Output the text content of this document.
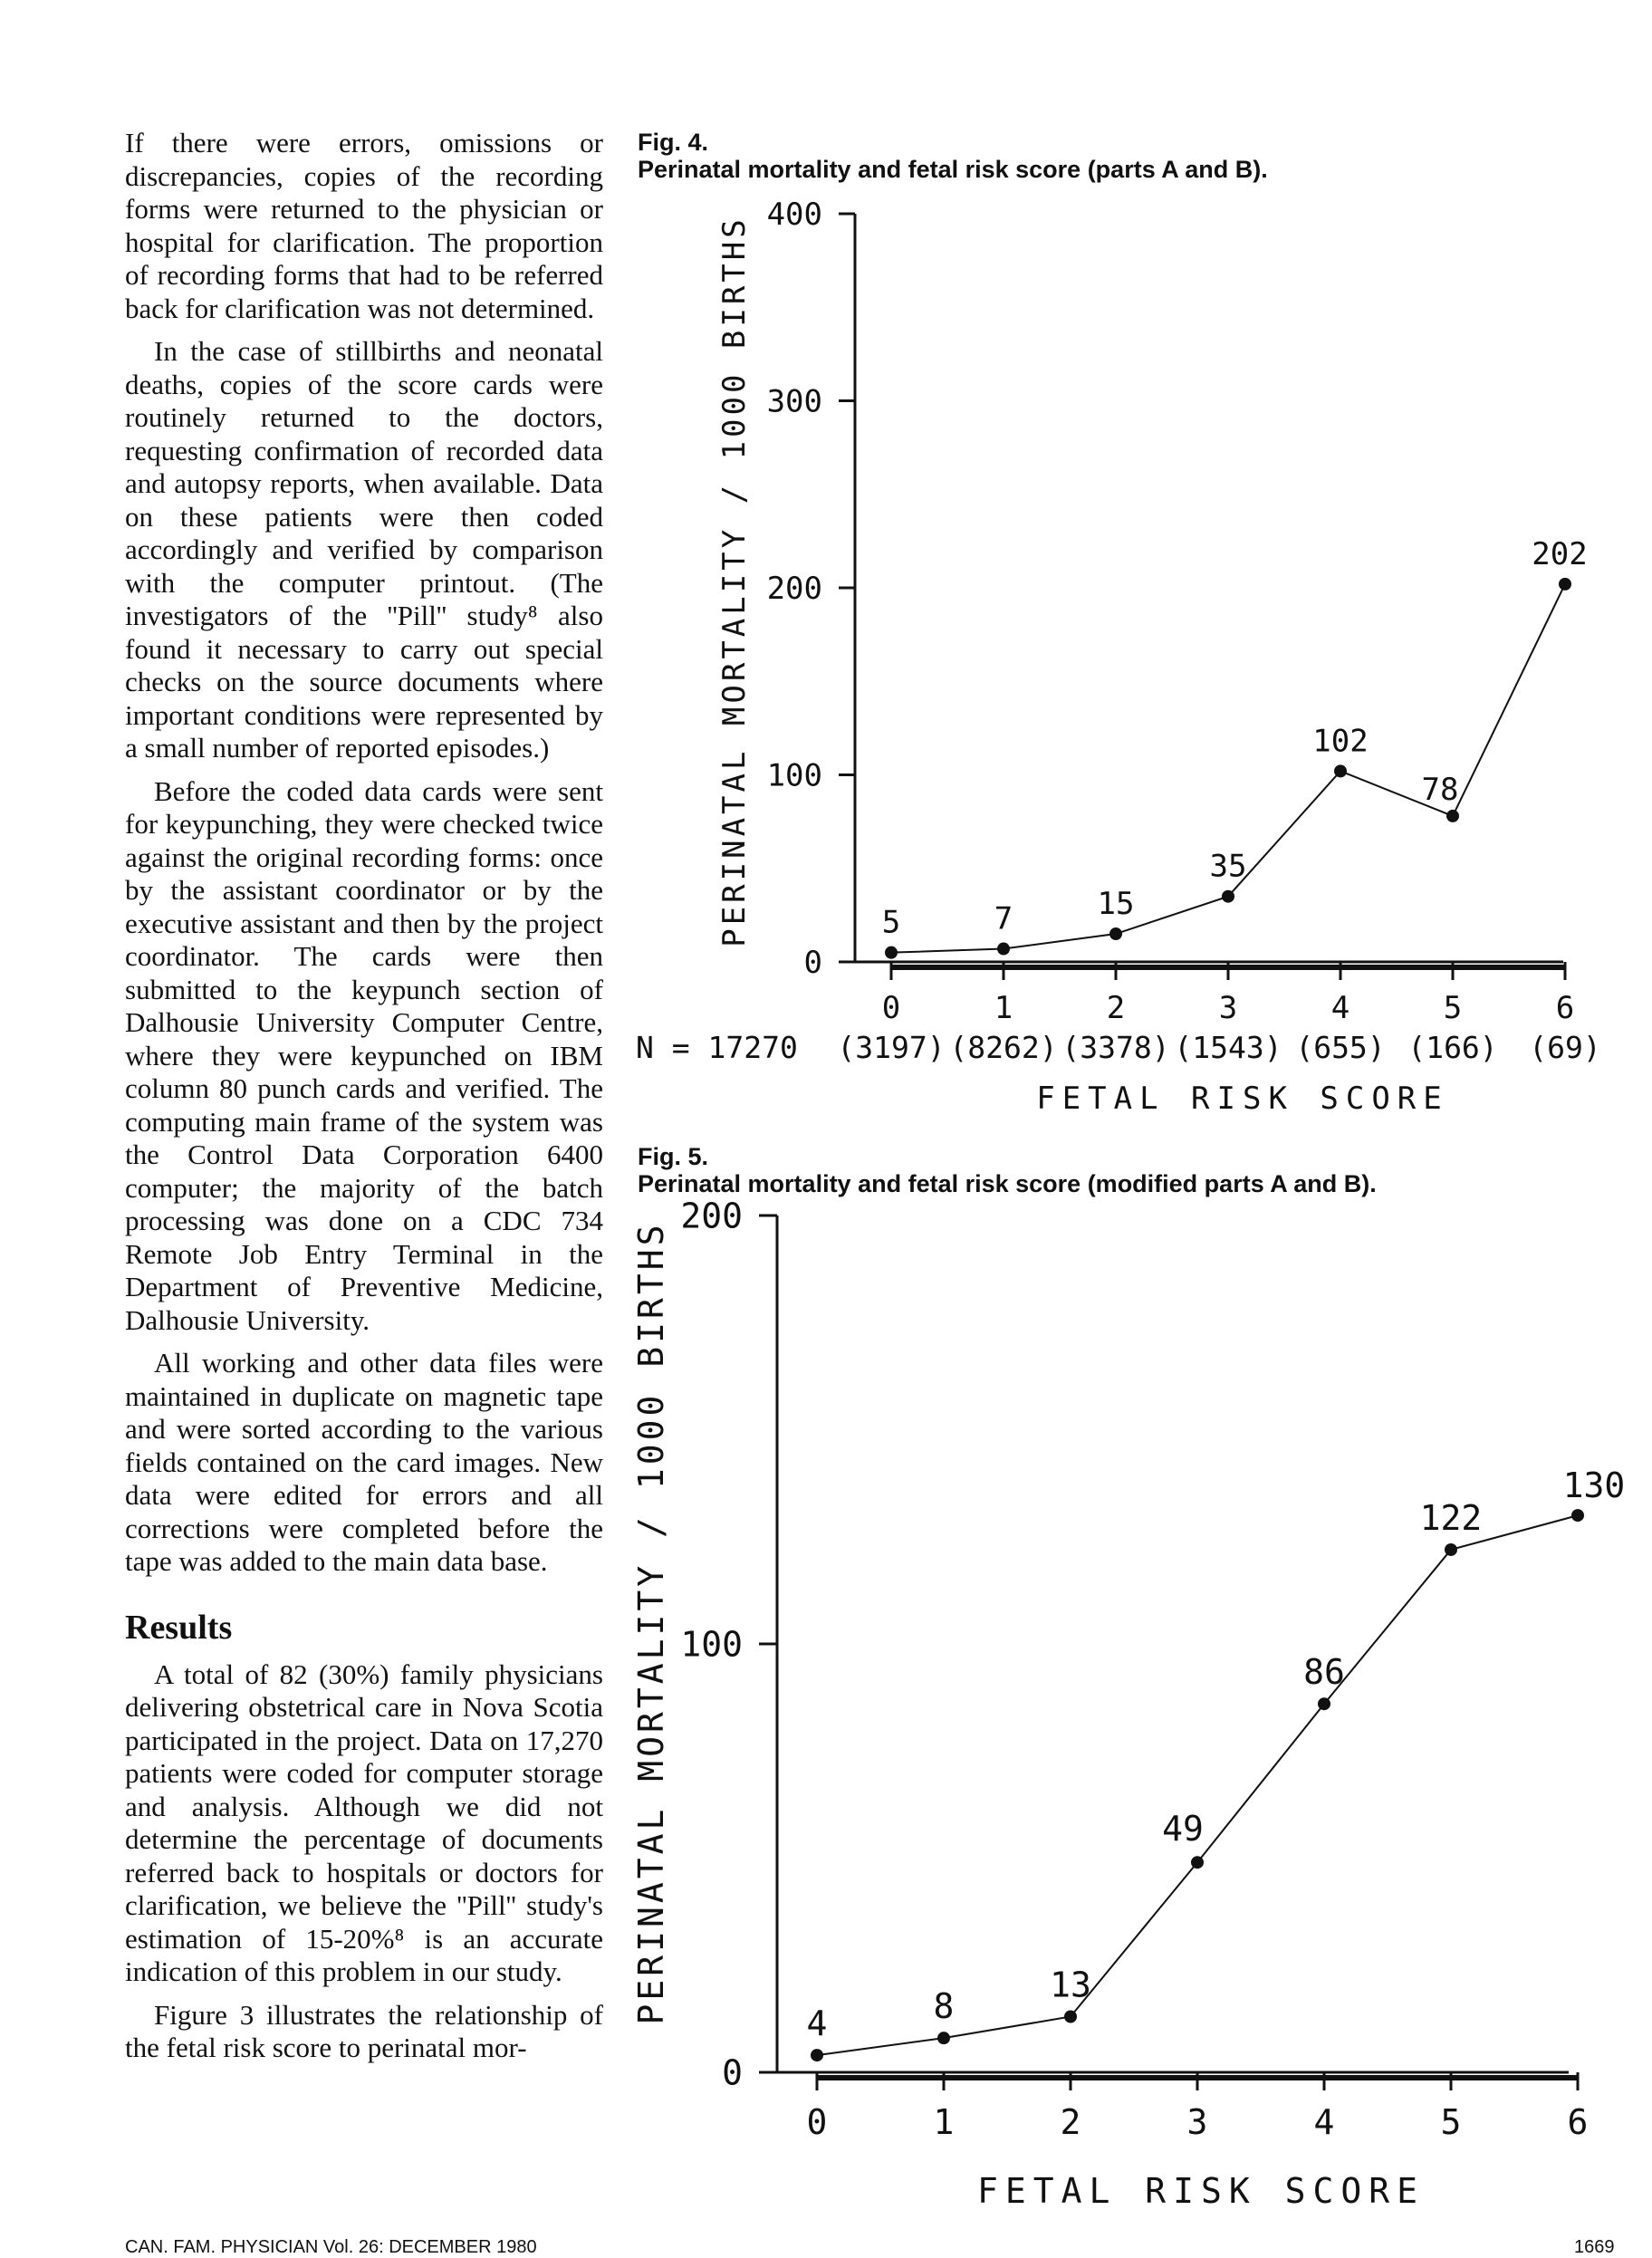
If there were errors, omissions or discrepancies, copies of the recording forms were returned to the physician or hospital for clarification. The proportion of recording forms that had to be referred back for clarification was not determined.

In the case of stillbirths and neonatal deaths, copies of the score cards were routinely returned to the doctors, requesting confirmation of recorded data and autopsy reports, when available. Data on these patients were then coded accordingly and verified by comparison with the computer printout. (The investigators of the ''Pill'' study⁸ also found it necessary to carry out special checks on the source documents where important conditions were represented by a small number of reported episodes.)

Before the coded data cards were sent for keypunching, they were checked twice against the original recording forms: once by the assistant coordinator or by the executive assistant and then by the project coordinator. The cards were then submitted to the keypunch section of Dalhousie University Computer Centre, where they were keypunched on IBM column 80 punch cards and verified. The computing main frame of the system was the Control Data Corporation 6400 computer; the majority of the batch processing was done on a CDC 734 Remote Job Entry Terminal in the Department of Preventive Medicine, Dalhousie University.

All working and other data files were maintained in duplicate on magnetic tape and were sorted according to the various fields contained on the card images. New data were edited for errors and all corrections were completed before the tape was added to the main data base.

Results

A total of 82 (30%) family physicians delivering obstetrical care in Nova Scotia participated in the project. Data on 17,270 patients were coded for computer storage and analysis. Although we did not determine the percentage of documents referred back to hospitals or doctors for clarification, we believe the ''Pill'' study's estimation of 15-20%⁸ is an accurate indication of this problem in our study.

Figure 3 illustrates the relationship of the fetal risk score to perinatal mor-

Fig. 4.
Perinatal mortality and fetal risk score (parts A and B).
Fig. 5.
Perinatal mortality and fetal risk score (modified parts A and B).
0
100
200
300
400
0	1	2	3	4	5	6
5	7	15
35
102
78
202
PERINATAL MORTALITY / 1000 BIRTHS
N = 17270 (3197) (8262) (3378) (1543) (655) (166) (69)
FETAL RISK SCORE
0
100
200
0	1	2	3	4	5	6
4	8
13
49
86
122
130
PERINATAL MORTALITY / 1000 BIRTHS
FETAL RISK SCORE
CAN. FAM. PHYSICIAN Vol. 26: DECEMBER 1980	1669
